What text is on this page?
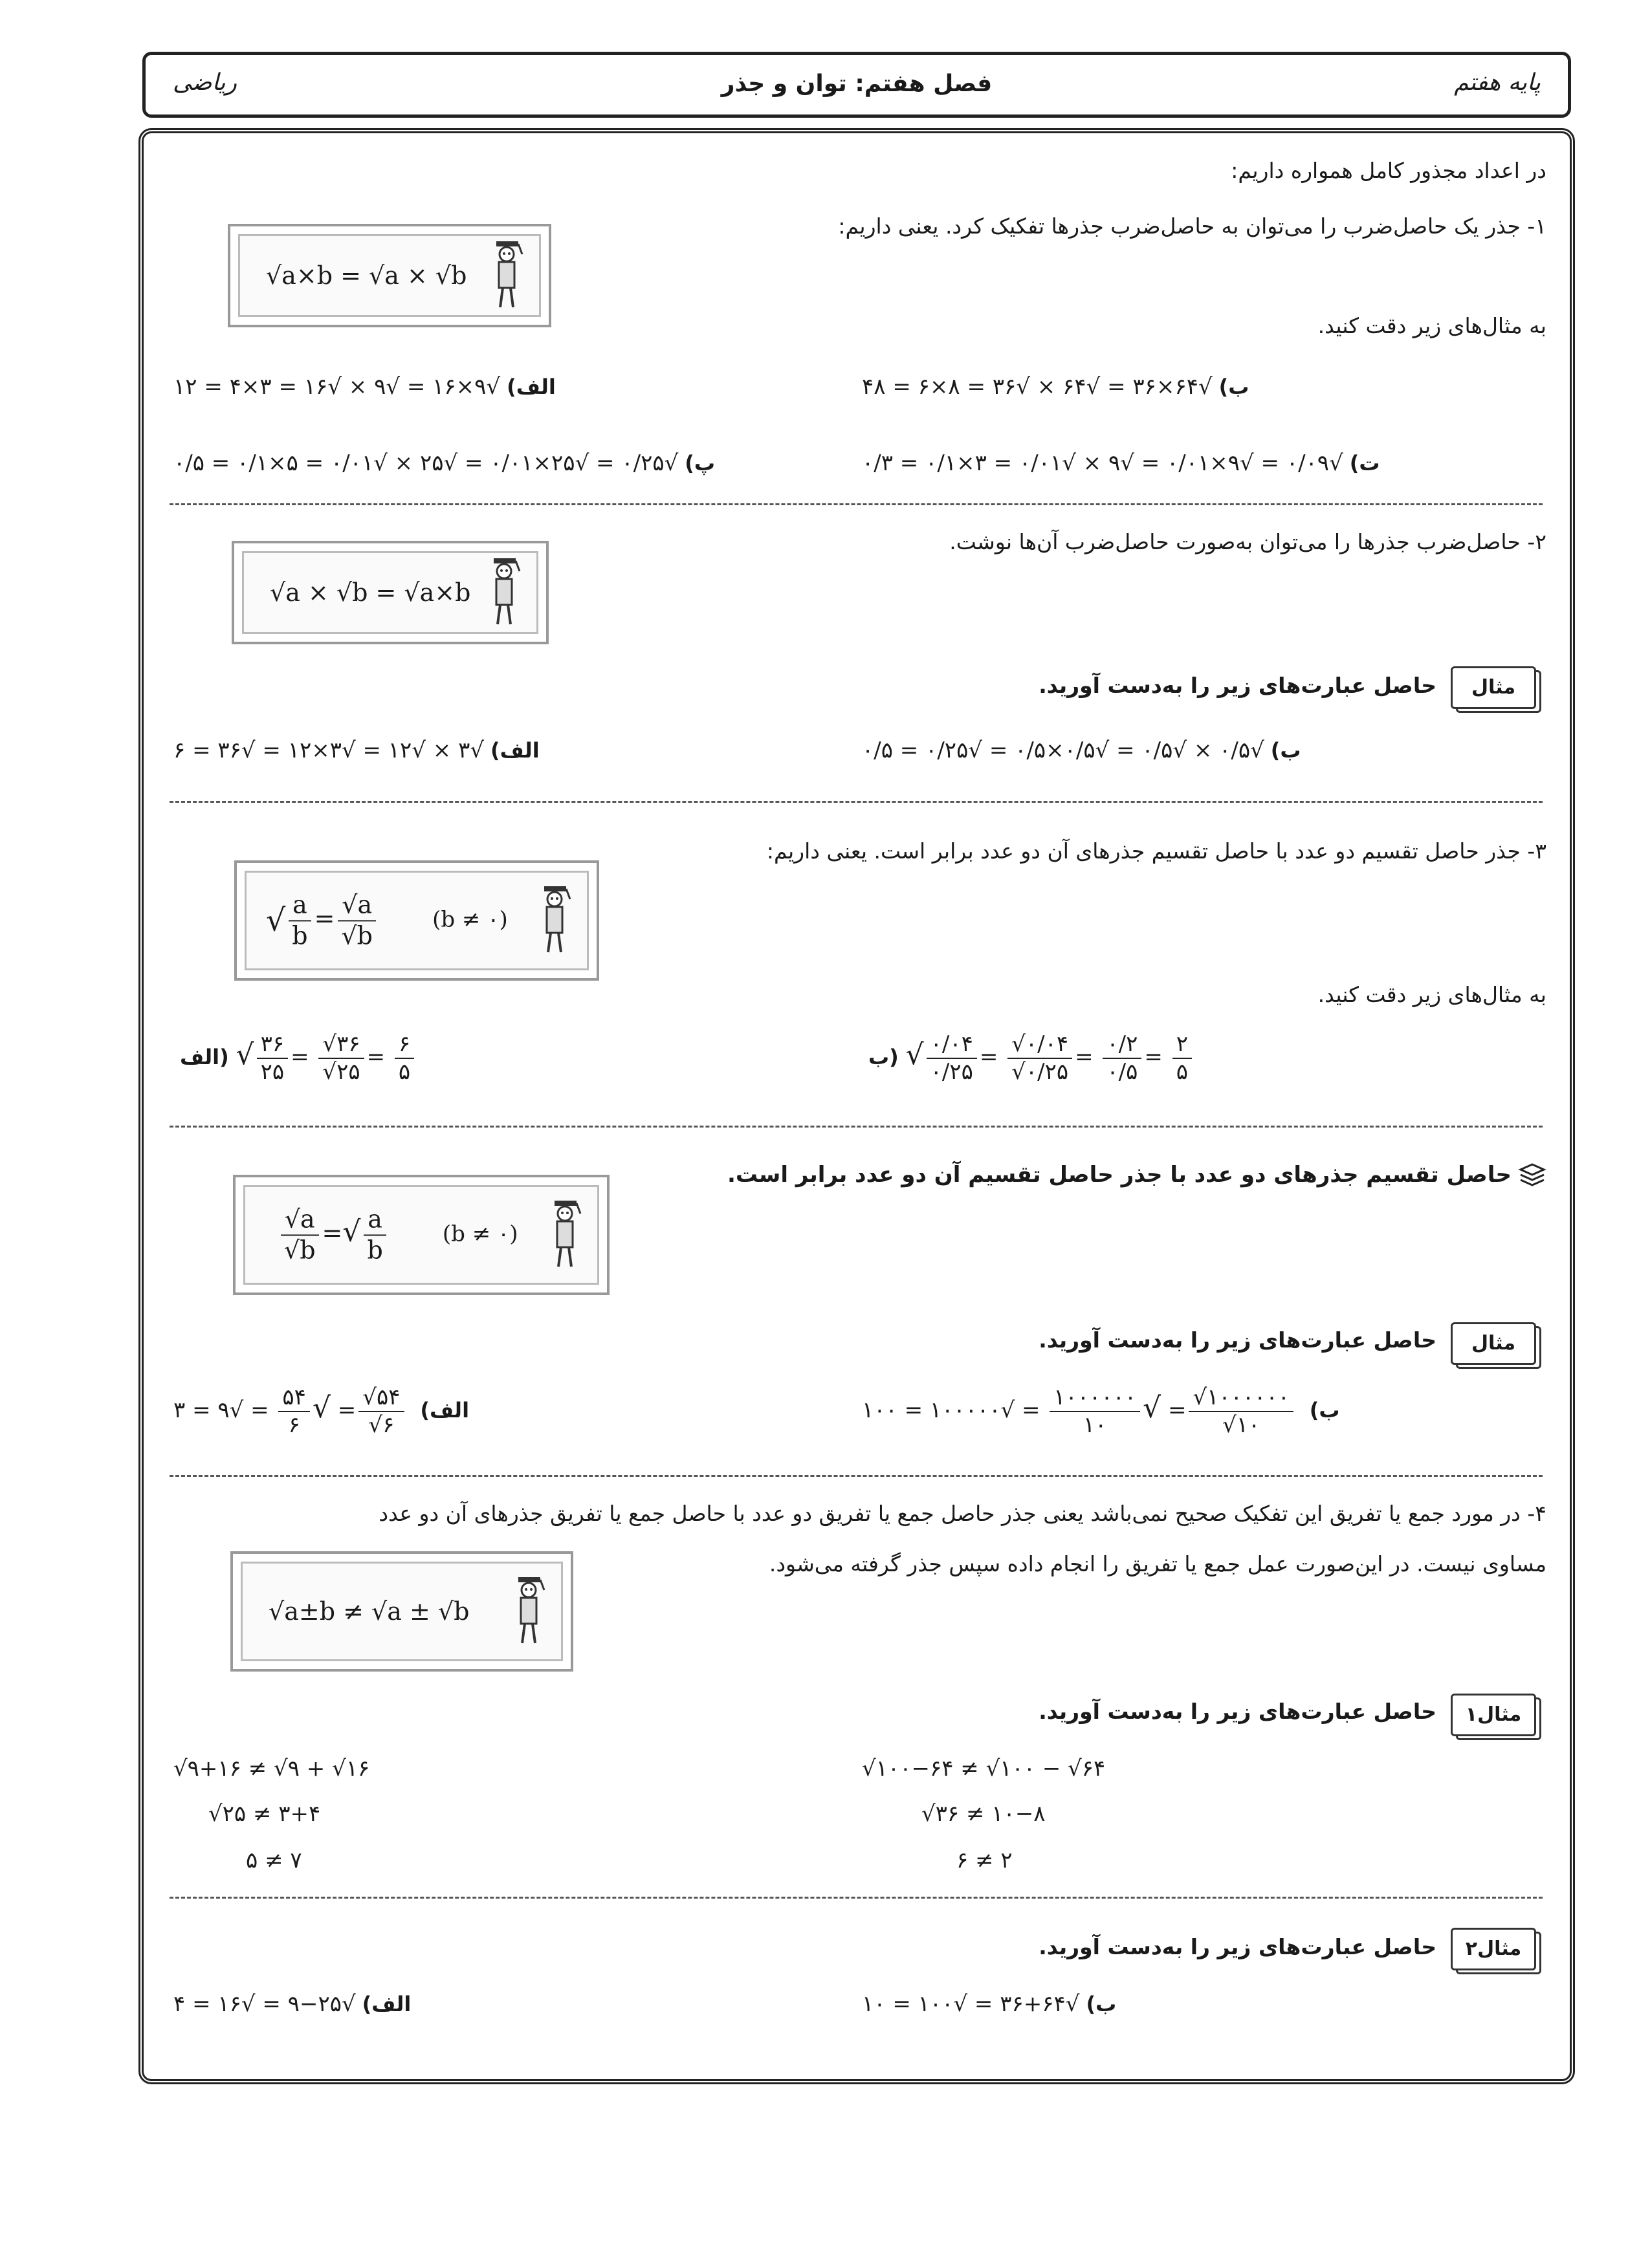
ریاضی	فصل هفتم: توان و جذر	پایه هفتم
در اعداد مجذور کامل همواره داریم:
۱- جذر یک حاصل‌ضرب را می‌توان به حاصل‌ضرب جذرها تفکیک کرد. یعنی داریم:
√a×b = √a × √b
به مثال‌های زیر دقت کنید.
ب)√۶۴×۳۶ = √۶۴ × √۳۶ = ۸×۶ = ۴۸
الف)√۹×۱۶ = √۹ × √۱۶ = ۳×۴ = ۱۲
ت)√۰/۰۹ = √۹×۰/۰۱ = √۹ × √۰/۰۱ = ۳×۰/۱ = ۰/۳
پ)√۰/۲۵ = √۲۵×۰/۰۱ = √۲۵ × √۰/۰۱ = ۵×۰/۱ = ۰/۵
۲- حاصل‌ضرب جذرها را می‌توان به‌صورت حاصل‌ضرب آن‌ها نوشت.
√a × √b = √a×b
مثال
حاصل عبارت‌های زیر را به‌دست آورید.
ب)√۰/۵ × √۰/۵ = √۰/۵×۰/۵ = √۰/۲۵ = ۰/۵
الف)√۳ × √۱۲ = √۳×۱۲ = √۳۶ = ۶
۳- جذر حاصل تقسیم دو عدد با حاصل تقسیم جذرهای آن دو عدد برابر است. یعنی داریم:
√ $\frac{a}{b} = \frac{√a}{√b}$	(b ≠ ۰)
به مثال‌های زیر دقت کنید.
الف) √ $\frac{۳۶}{۲۵} = \frac{√۳۶}{√۲۵} = \frac{۶}{۵}$	ب) √ $\frac{۰/۰۴}{۰/۲۵} = \frac{√۰/۰۴}{√۰/۲۵} = \frac{۰/۲}{۰/۵} = \frac{۲}{۵}$
حاصل تقسیم جذرهای دو عدد با جذر حاصل تقسیم آن دو عدد برابر است.
$\frac{√a}{√b}$ =√ $\frac{a}{b}$	(b ≠ ۰)
مثال
حاصل عبارت‌های زیر را به‌دست آورید.
الف)
$\frac{√۵۴}{√۶}$
= √
$\frac{۵۴}{۶}$
= √۹ = ۳	ب)
$\frac{√۱۰۰۰۰۰۰}{√۱۰}$
= √
$\frac{۱۰۰۰۰۰۰}{۱۰}$
= √۱۰۰۰۰۰ = ۱۰۰
۴- در مورد جمع یا تفریق این تفکیک صحیح نمی‌باشد یعنی جذر حاصل جمع یا تفریق دو عدد با حاصل جمع یا تفریق جذرهای آن دو عدد
مساوی نیست. در این‌صورت عمل جمع یا تفریق را انجام داده سپس جذر گرفته می‌شود.
√a±b ≠ √a ± √b
مثال۱
حاصل عبارت‌های زیر را به‌دست آورید.
√۹+۱۶ ≠ √۹ + √۱۶
√۲۵ ≠ ۳+۴
۵ ≠ ۷
√۱۰۰−۶۴ ≠ √۱۰۰ − √۶۴
√۳۶ ≠ ۱۰−۸
۶ ≠ ۲
مثال۲
حاصل عبارت‌های زیر را به‌دست آورید.
ب)√۶۴+۳۶ = √۱۰۰ = ۱۰
الف)√۲۵−۹ = √۱۶ = ۴
